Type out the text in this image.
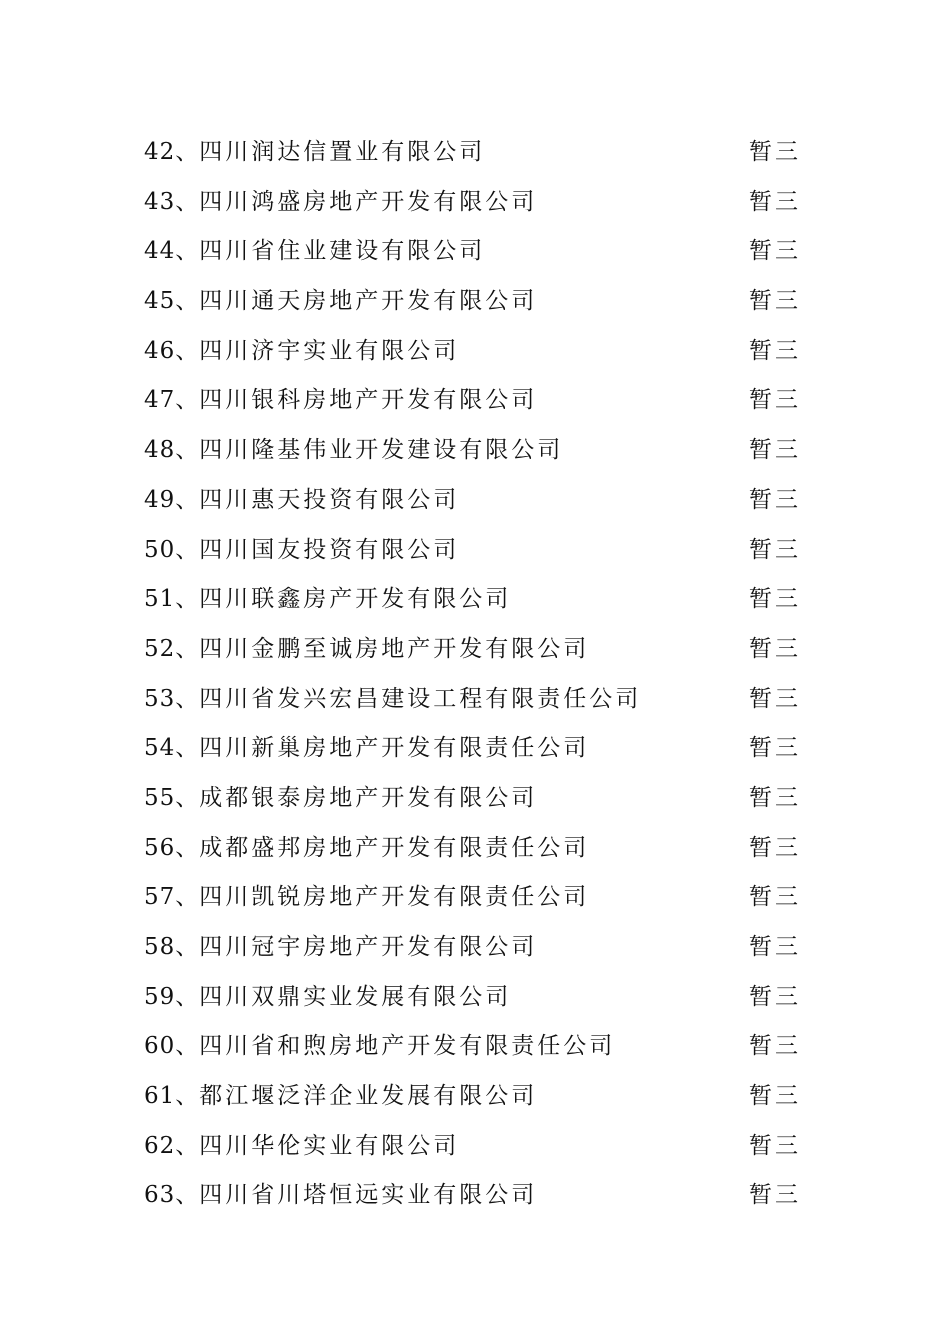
42、四川润达信置业有限公司	暂三
43、四川鸿盛房地产开发有限公司	暂三
44、四川省住业建设有限公司	暂三
45、四川通天房地产开发有限公司	暂三
46、四川济宇实业有限公司	暂三
47、四川银科房地产开发有限公司	暂三
48、四川隆基伟业开发建设有限公司	暂三
49、四川惠天投资有限公司	暂三
50、四川国友投资有限公司	暂三
51、四川联鑫房产开发有限公司	暂三
52、四川金鹏至诚房地产开发有限公司	暂三
53、四川省发兴宏昌建设工程有限责任公司	暂三
54、四川新巢房地产开发有限责任公司	暂三
55、成都银泰房地产开发有限公司	暂三
56、成都盛邦房地产开发有限责任公司	暂三
57、四川凯锐房地产开发有限责任公司	暂三
58、四川冠宇房地产开发有限公司	暂三
59、四川双鼎实业发展有限公司	暂三
60、四川省和煦房地产开发有限责任公司	暂三
61、都江堰泛洋企业发展有限公司	暂三
62、四川华伦实业有限公司	暂三
63、四川省川塔恒远实业有限公司	暂三
